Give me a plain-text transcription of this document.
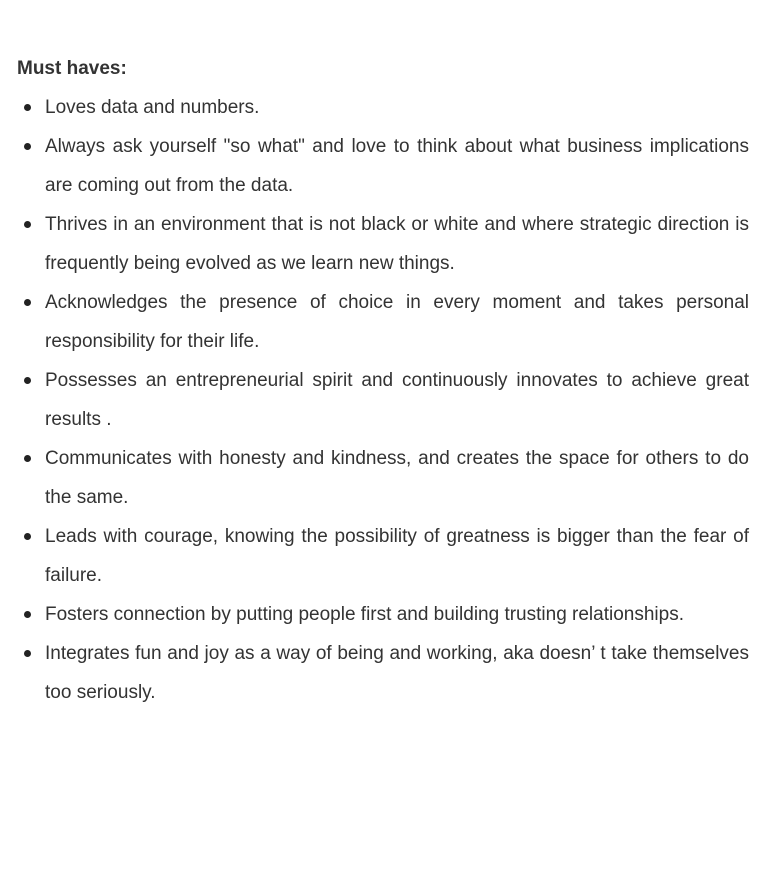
Must haves:
Loves data and numbers.
Always ask yourself "so what" and love to think about what business implications are coming out from the data.
Thrives in an environment that is not black or white and where strategic direction is frequently being evolved as we learn new things.
Acknowledges the presence of choice in every moment and takes personal responsibility for their life.
Possesses an entrepreneurial spirit and continuously innovates to achieve great results .
Communicates with honesty and kindness, and creates the space for others to do the same.
Leads with courage, knowing the possibility of greatness is bigger than the fear of failure.
Fosters connection by putting people first and building trusting relationships.
Integrates fun and joy as a way of being and working, aka doesn’ t take themselves too seriously.
